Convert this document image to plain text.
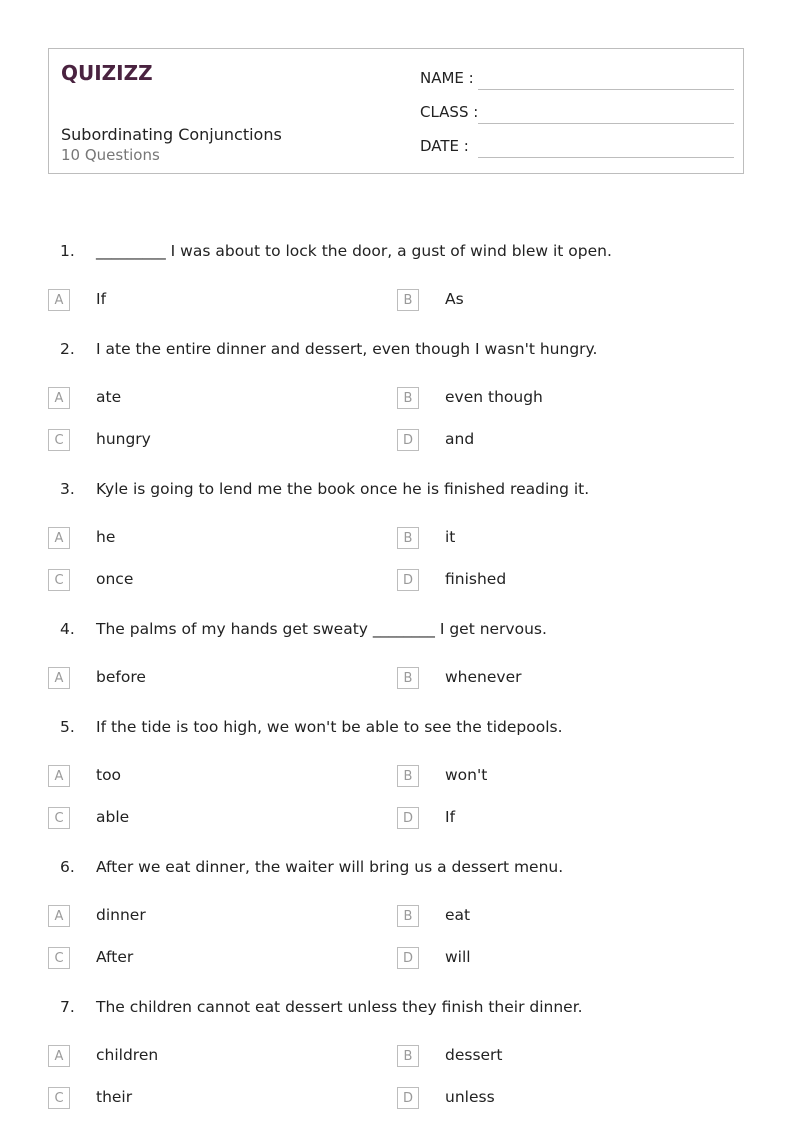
QUIZIZZ
Subordinating Conjunctions
10 Questions
NAME :
CLASS :
DATE :
1. _________ I was about to lock the door, a gust of wind blew it open.
A	If	B	As
2. I ate the entire dinner and dessert, even though I wasn't hungry.
A	ate	B	even though
C	hungry	D	and
3. Kyle is going to lend me the book once he is finished reading it.
A	he	B	it
C	once	D	finished
4. The palms of my hands get sweaty ________ I get nervous.
A	before	B	whenever
5. If the tide is too high, we won't be able to see the tidepools.
A	too	B	won't
C	able	D	If
6. After we eat dinner, the waiter will bring us a dessert menu.
A	dinner	B	eat
C	After	D	will
7. The children cannot eat dessert unless they finish their dinner.
A	children	B	dessert
C	their	D	unless
